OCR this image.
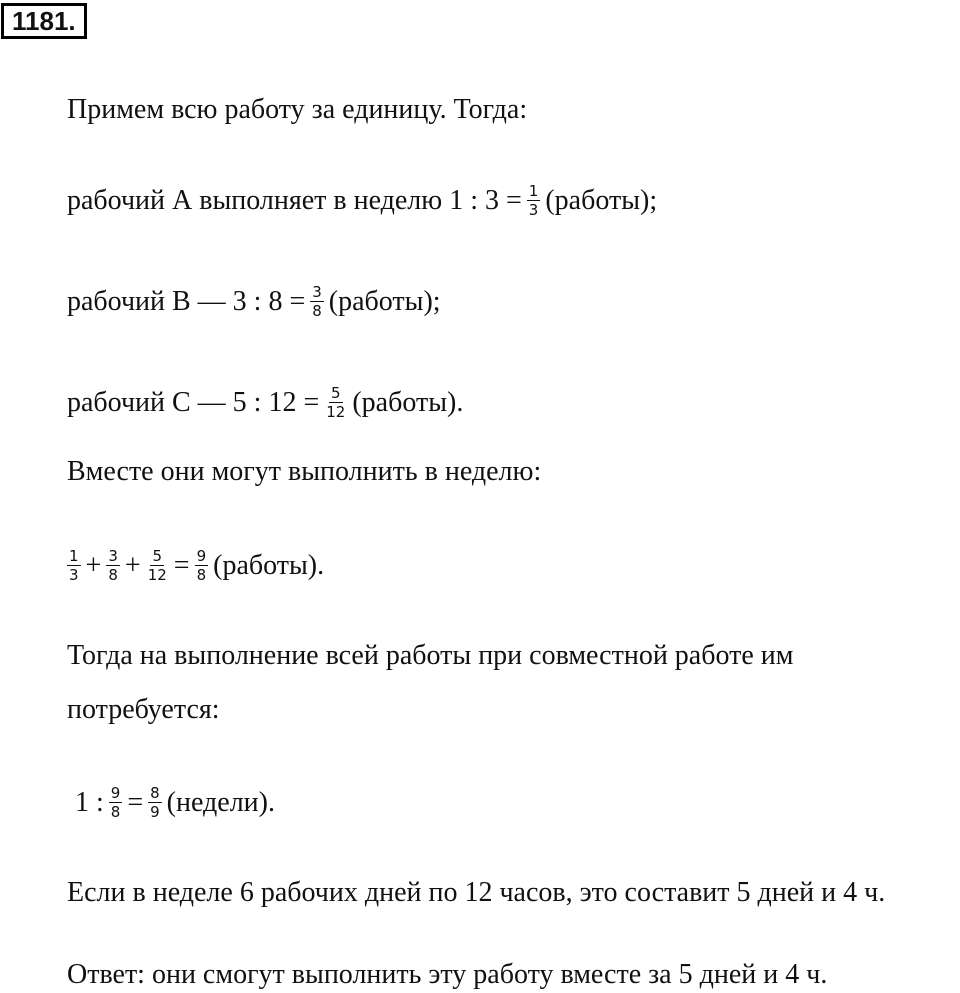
1181.
Примем всю работу за единицу. Тогда:
рабочий А выполняет в неделю 1 : $3 = \frac{1}{3}$ (работы);
рабочий В — 3 : $8 = \frac{3}{8}$ (работы);
рабочий С — 5 : $12 = \frac{5}{12}$ (работы).
Вместе они могут выполнить в неделю:
$\frac{1}{3} + \frac{3}{8} + \frac{5}{12} = \frac{9}{8}$ (работы).
Тогда на выполнение всей работы при совместной работе им
потребуется:
1 : $\frac{9}{8} = \frac{8}{9}$ (недели).
Если в неделе 6 рабочих дней по 12 часов, это составит 5 дней и 4 ч.
Ответ: они смогут выполнить эту работу вместе за 5 дней и 4 ч.
